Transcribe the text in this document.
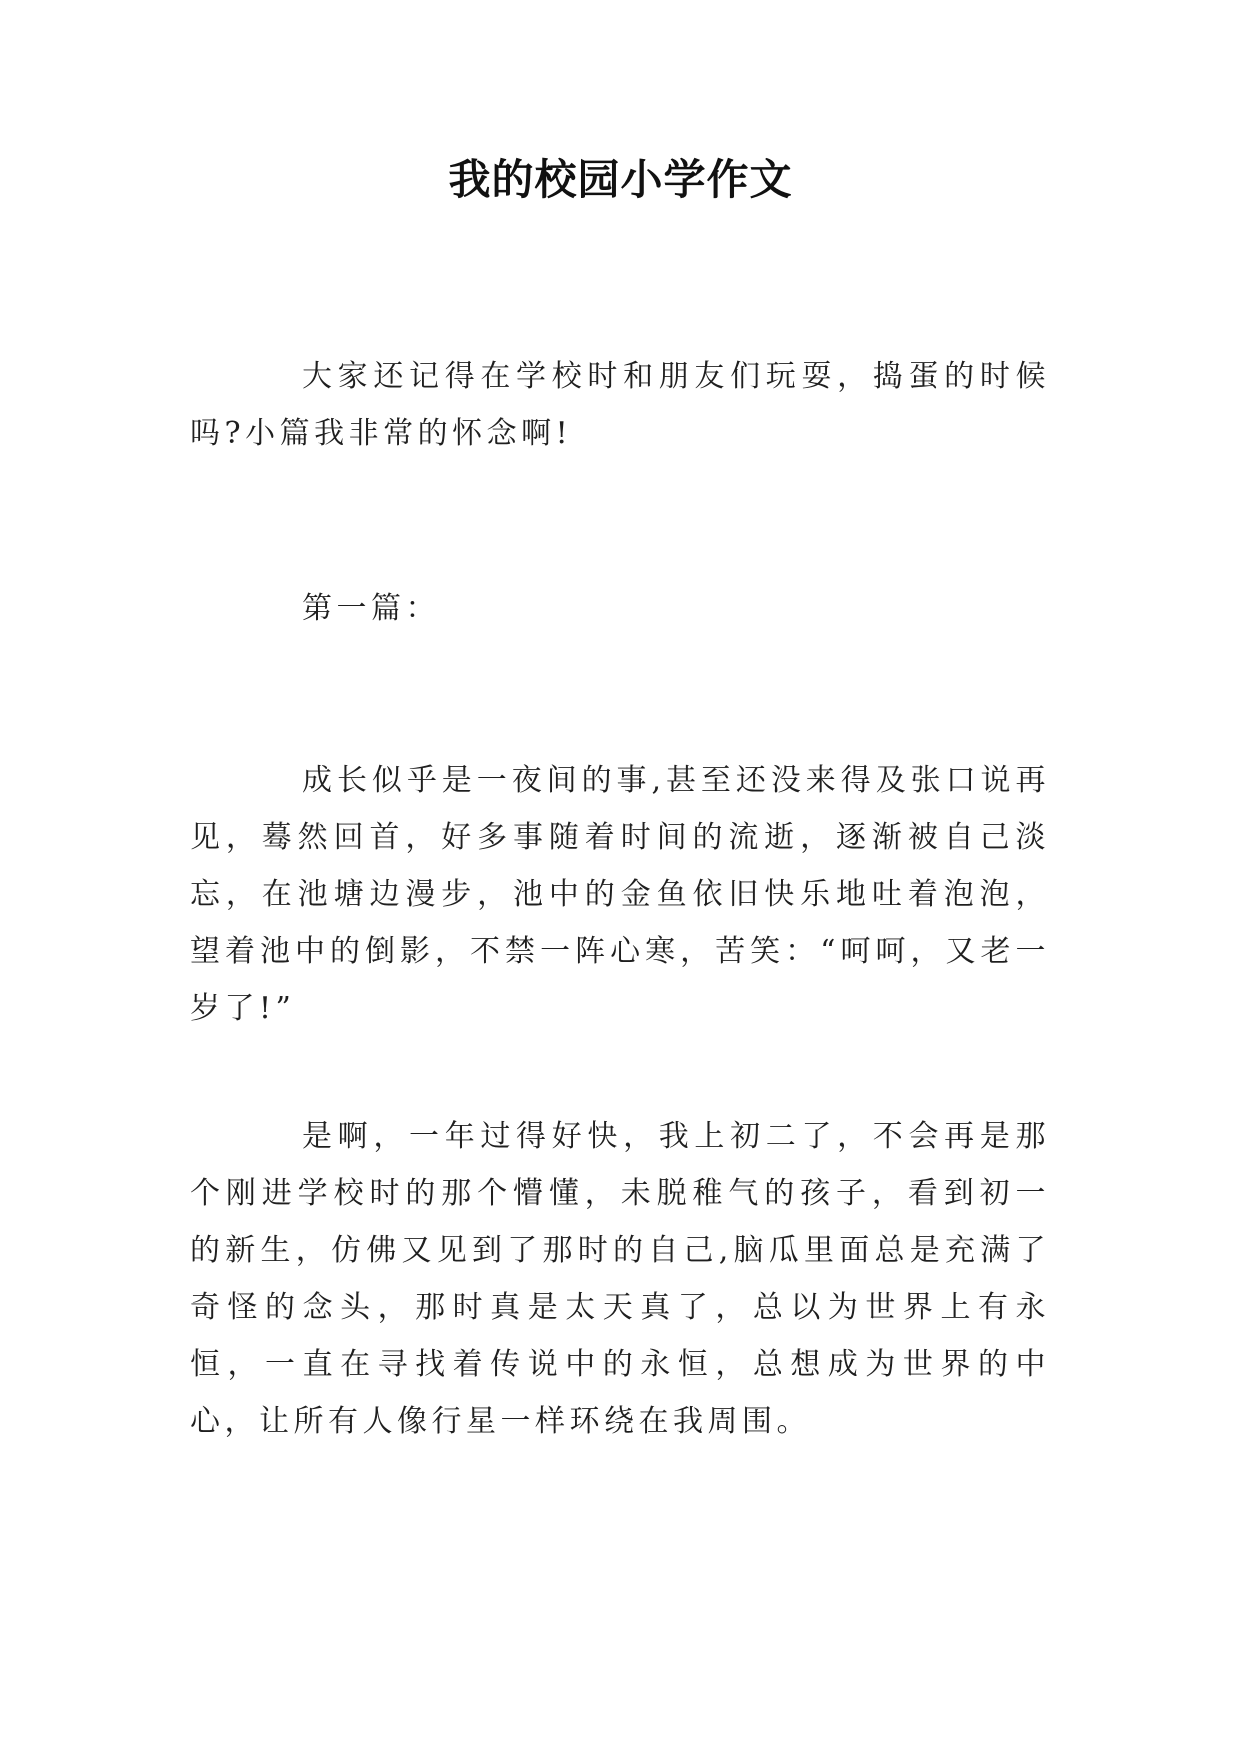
我的校园小学作文

大家还记得在学校时和朋友们玩耍，捣蛋的时候吗?小篇我非常的怀念啊!

第一篇：

成长似乎是一夜间的事,甚至还没来得及张口说再见，蓦然回首，好多事随着时间的流逝，逐渐被自己淡忘，在池塘边漫步，池中的金鱼依旧快乐地吐着泡泡，望着池中的倒影，不禁一阵心寒，苦笑：“呵呵，又老一岁了!”

是啊，一年过得好快，我上初二了，不会再是那个刚进学校时的那个懵懂，未脱稚气的孩子，看到初一的新生，仿佛又见到了那时的自己,脑瓜里面总是充满了奇怪的念头，那时真是太天真了，总以为世界上有永恒，一直在寻找着传说中的永恒，总想成为世界的中心，让所有人像行星一样环绕在我周围。
